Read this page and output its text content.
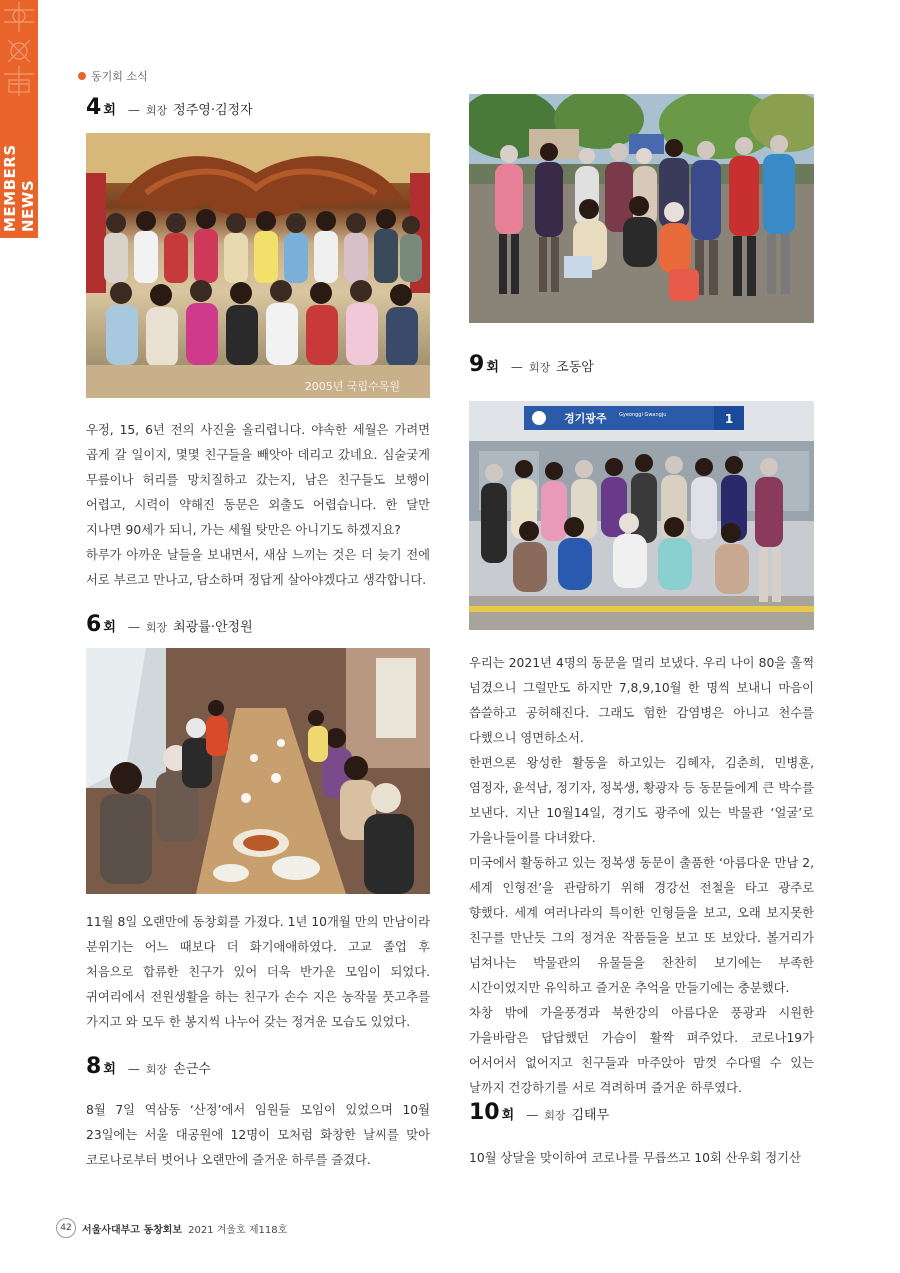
MEMBERS NEWS
동기회 소식
4 회 — 회장 정주영·김정자
2005년 국립수목원

우정, 15, 6년 전의 사진을 올리렵니다. 야속한 세월은 가려면 곱게 갈 일이지, 몇몇 친구들을 빼앗아 데리고 갔네요. 심술궂게 무릎이나 허리를 망치질하고 갔는지, 남은 친구들도 보행이 어렵고, 시력이 약해진 동문은 외출도 어렵습니다. 한 달만 지나면 90세가 되니, 가는 세월 탓만은 아니기도 하겠지요?

하루가 아까운 날들을 보내면서, 새삼 느끼는 것은 더 늦기 전에 서로 부르고 만나고, 담소하며 정답게 살아야겠다고 생각합니다.

6 회 — 회장 최광률·안정원

11월 8일 오랜만에 동창회를 가졌다. 1년 10개월 만의 만남이라 분위기는 어느 때보다 더 화기애애하였다. 고교 졸업 후 처음으로 합류한 친구가 있어 더욱 반가운 모임이 되었다. 귀여리에서 전원생활을 하는 친구가 손수 지은 농작물 풋고추를 가지고 와 모두 한 봉지씩 나누어 갖는 정겨운 모습도 있었다.

8 회 — 회장 손근수

8월 7일 역삼동 ‘산정’에서 임원들 모임이 있었으며 10월 23일에는 서울 대공원에 12명이 모처럼 화창한 날씨를 맞아 코로나로부터 벗어나 오랜만에 즐거운 하루를 즐겼다.

9 회 — 회장 조동암
경기광주 Gyeonggi Gwangju	1

우리는 2021년 4명의 동문을 멀리 보냈다. 우리 나이 80을 훌쩍 넘겼으니 그럴만도 하지만 7,8,9,10월 한 명씩 보내니 마음이 씁쓸하고 공허해진다. 그래도 험한 감염병은 아니고 천수를 다했으니 영면하소서.

한편으론 왕성한 활동을 하고있는 김혜자, 김춘희, 민병훈, 염정자, 윤석남, 정기자, 정복생, 황광자 등 동문들에게 큰 박수를 보낸다. 지난 10월14일, 경기도 광주에 있는 박물관 ‘얼굴’로 가을나들이를 다녀왔다.

미국에서 활동하고 있는 정복생 동문이 출품한 ‘아름다운 만남 2, 세계 인형전’을 관람하기 위해 경강선 전철을 타고 광주로 향했다. 세계 여러나라의 특이한 인형들을 보고, 오래 보지못한 친구를 만난듯 그의 정겨운 작품들을 보고 또 보았다. 볼거리가 넘쳐나는 박물관의 유물들을 찬찬히 보기에는 부족한 시간이었지만 유익하고 즐거운 추억을 만들기에는 충분했다.

차창 밖에 가을풍경과 북한강의 아름다운 풍광과 시원한 가을바람은 답답했던 가슴이 활짝 펴주었다. 코로나19가 어서어서 없어지고 친구들과 마주앉아 맘껏 수다떨 수 있는 날까지 건강하기를 서로 격려하며 즐거운 하루였다.

10 회 — 회장 김태무

10월 상달을 맞이하여 코로나를 무릅쓰고 10회 산우회 정기산

42	서울사대부고 동창회보 2021 겨울호 제118호
